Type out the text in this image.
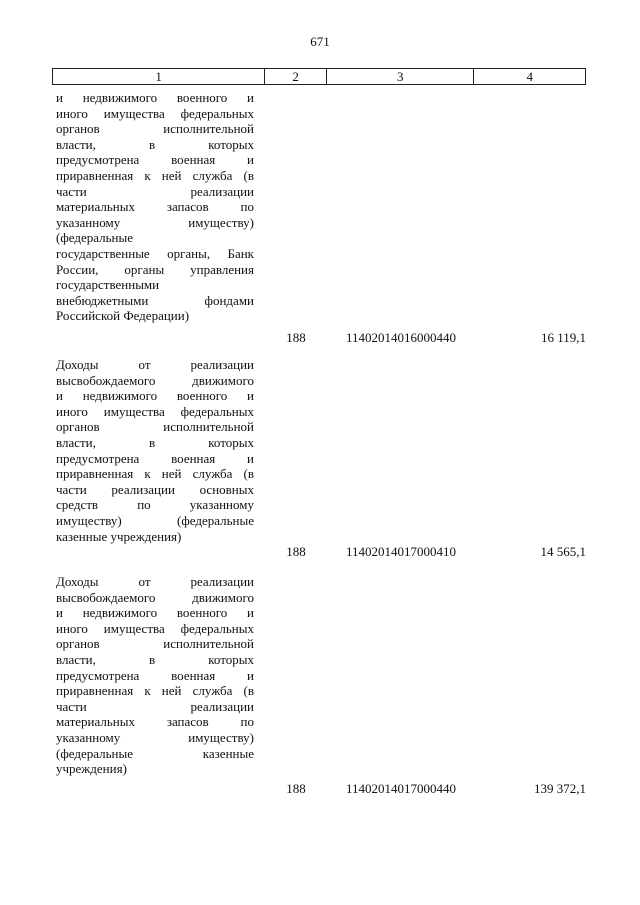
671
1	2	3	4
и недвижимого военного и
иного имущества федеральных
органов исполнительной
власти, в которых
предусмотрена военная и
приравненная к ней служба (в
части реализации
материальных запасов по
указанному имуществу)
(федеральные
государственные органы, Банк
России, органы управления
государственными
внебюджетными фондами
Российской Федерации)
188	11402014016000440	16 119,1
Доходы от реализации
высвобождаемого движимого
и недвижимого военного и
иного имущества федеральных
органов исполнительной
власти, в которых
предусмотрена военная и
приравненная к ней служба (в
части реализации основных
средств по указанному
имуществу) (федеральные
казенные учреждения)
188	11402014017000410	14 565,1
Доходы от реализации
высвобождаемого движимого
и недвижимого военного и
иного имущества федеральных
органов исполнительной
власти, в которых
предусмотрена военная и
приравненная к ней служба (в
части реализации
материальных запасов по
указанному имуществу)
(федеральные казенные
учреждения)
188	11402014017000440	139 372,1
